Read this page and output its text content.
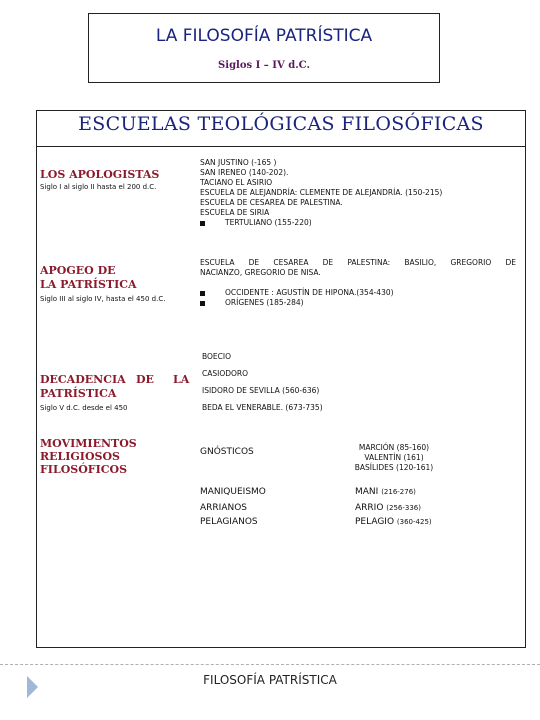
LA FILOSOFÍA PATRÍSTICA
Siglos I – IV d.C.
ESCUELAS TEOLÓGICAS FILOSÓFICAS
LOS APOLOGISTAS
Siglo I al siglo II hasta el 200 d.C.
SAN JUSTINO (-165 )
SAN IRENEO (140-202).
TACIANO EL ASIRIO
ESCUELA DE ALEJANDRÍA: CLEMENTE DE ALEJANDRÍA. (150-215)
ESCUELA DE CESAREA DE PALESTINA.
ESCUELA DE SIRIA
TERTULIANO (155-220)
APOGEO DE
LA PATRÍSTICA
Siglo III al siglo IV, hasta el 450 d.C.
ESCUELA DE CESAREA DE PALESTINA: BASILIO, GREGORIO DE
NACIANZO, GREGORIO DE NISA.
OCCIDENTE : AGUSTÍN DE HIPONA.(354-430)
ORÍGENES (185-284)
DECADENCIA DE LA
PATRÍSTICA
Siglo V d.C. desde el 450
BOECIO
CASIODORO
ISIDORO DE SEVILLA (560-636)
BEDA EL VENERABLE. (673-735)
MOVIMIENTOS
RELIGIOSOS
FILOSÓFICOS
GNÓSTICOS	MARCIÓN (85-160)
VALENTÍN (161)
BASÍLIDES (120-161)
MANIQUEISMO	MANI (216-276)
ARRIANOS	ARRIO (256-336)
PELAGIANOS	PELAGIO (360-425)
FILOSOFÍA PATRÍSTICA
